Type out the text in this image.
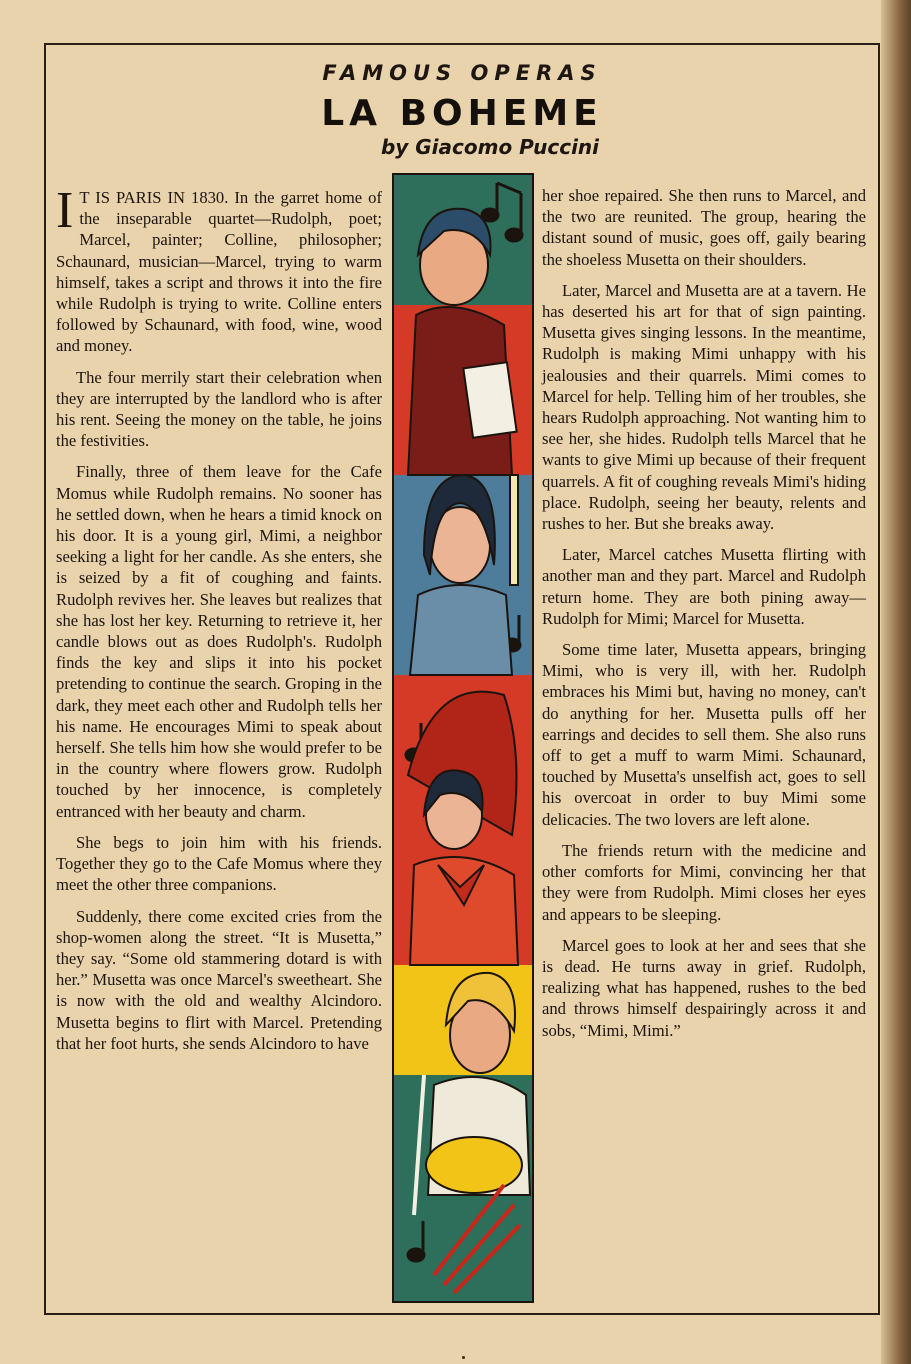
FAMOUS OPERAS
LA BOHEME
by Giacomo Puccini

I T IS PARIS IN 1830. In the garret home of the inseparable quartet—Rudolph, poet; Marcel, painter; Colline, philosopher; Schaunard, musician—Marcel, trying to warm himself, takes a script and throws it into the fire while Rudolph is trying to write. Colline enters followed by Schaunard, with food, wine, wood and money.

The four merrily start their celebration when they are interrupted by the landlord who is after his rent. Seeing the money on the table, he joins the festivities.

Finally, three of them leave for the Cafe Momus while Rudolph remains. No sooner has he settled down, when he hears a timid knock on his door. It is a young girl, Mimi, a neighbor seeking a light for her candle. As she enters, she is seized by a fit of coughing and faints. Rudolph revives her. She leaves but realizes that she has lost her key. Returning to retrieve it, her candle blows out as does Rudolph's. Rudolph finds the key and slips it into his pocket pretending to continue the search. Groping in the dark, they meet each other and Rudolph tells her his name. He encourages Mimi to speak about herself. She tells him how she would prefer to be in the country where flowers grow. Rudolph touched by her innocence, is completely entranced with her beauty and charm.

She begs to join him with his friends. Together they go to the Cafe Momus where they meet the other three companions.

Suddenly, there come excited cries from the shop-women along the street. “It is Musetta,” they say. “Some old stammering dotard is with her.” Musetta was once Marcel's sweetheart. She is now with the old and wealthy Alcindoro. Musetta begins to flirt with Marcel. Pretending that her foot hurts, she sends Alcindoro to have

her shoe repaired. She then runs to Marcel, and the two are reunited. The group, hearing the distant sound of music, goes off, gaily bearing the shoeless Musetta on their shoulders.

Later, Marcel and Musetta are at a tavern. He has deserted his art for that of sign painting. Musetta gives singing lessons. In the meantime, Rudolph is making Mimi unhappy with his jealousies and their quarrels. Mimi comes to Marcel for help. Telling him of her troubles, she hears Rudolph approaching. Not wanting him to see her, she hides. Rudolph tells Marcel that he wants to give Mimi up because of their frequent quarrels. A fit of coughing reveals Mimi's hiding place. Rudolph, seeing her beauty, relents and rushes to her. But she breaks away.

Later, Marcel catches Musetta flirting with another man and they part. Marcel and Rudolph return home. They are both pining away—Rudolph for Mimi; Marcel for Musetta.

Some time later, Musetta appears, bringing Mimi, who is very ill, with her. Rudolph embraces his Mimi but, having no money, can't do anything for her. Musetta pulls off her earrings and decides to sell them. She also runs off to get a muff to warm Mimi. Schaunard, touched by Musetta's unselfish act, goes to sell his overcoat in order to buy Mimi some delicacies. The two lovers are left alone.

The friends return with the medicine and other comforts for Mimi, convincing her that they were from Rudolph. Mimi closes her eyes and appears to be sleeping.

Marcel goes to look at her and sees that she is dead. He turns away in grief. Rudolph, realizing what has happened, rushes to the bed and throws himself despairingly across it and sobs, “Mimi, Mimi.”
